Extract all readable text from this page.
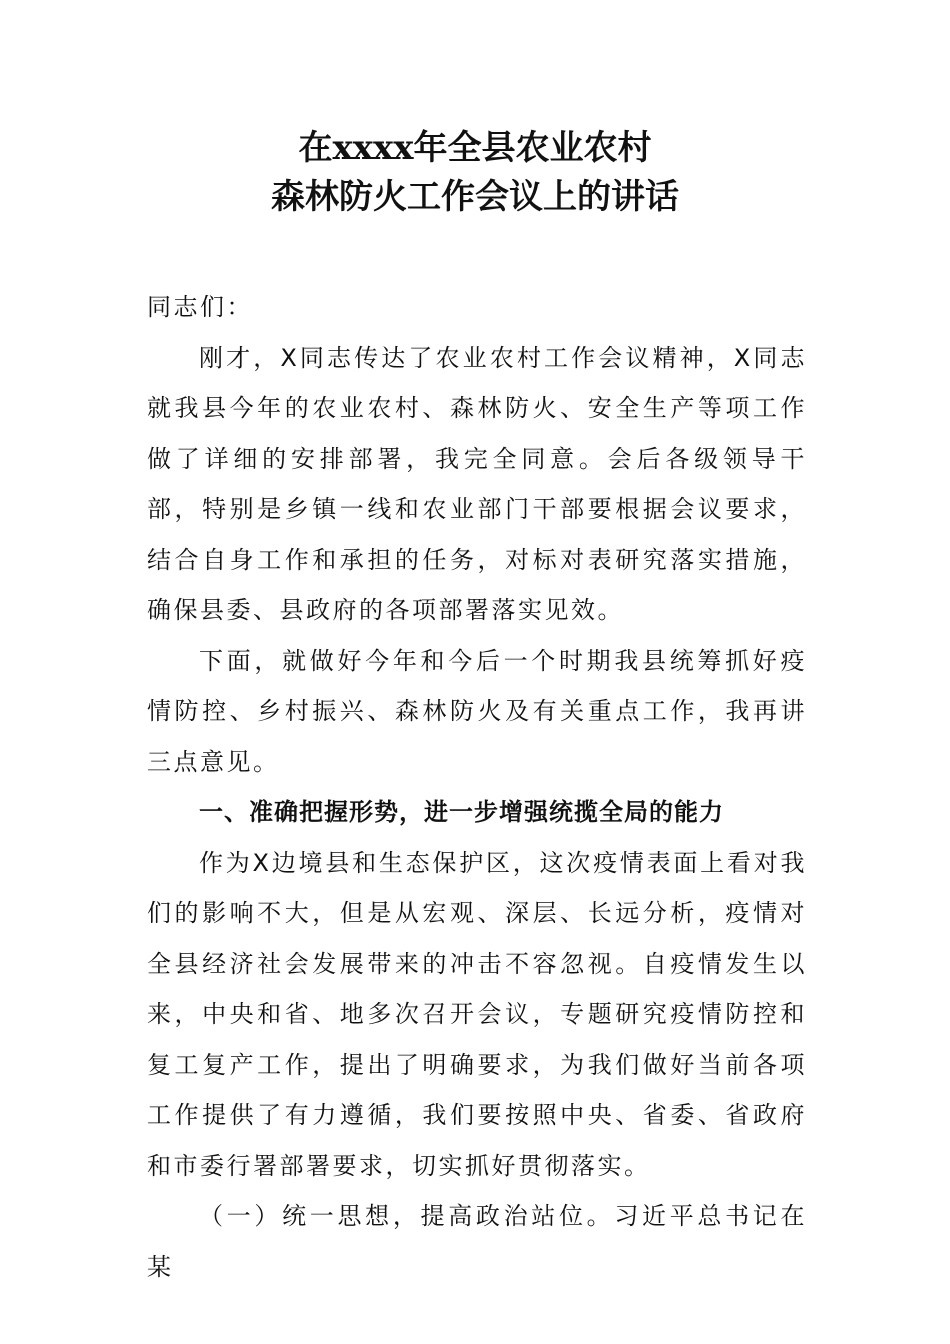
在xxxx年全县农业农村
森林防火工作会议上的讲话

同志们：

刚才，X同志传达了农业农村工作会议精神，X同志就我县今年的农业农村、森林防火、安全生产等项工作做了详细的安排部署，我完全同意。会后各级领导干部，特别是乡镇一线和农业部门干部要根据会议要求，结合自身工作和承担的任务，对标对表研究落实措施，确保县委、县政府的各项部署落实见效。

下面，就做好今年和今后一个时期我县统筹抓好疫情防控、乡村振兴、森林防火及有关重点工作，我再讲三点意见。

一、准确把握形势，进一步增强统揽全局的能力

作为X边境县和生态保护区，这次疫情表面上看对我们的影响不大，但是从宏观、深层、长远分析，疫情对全县经济社会发展带来的冲击不容忽视。自疫情发生以来，中央和省、地多次召开会议，专题研究疫情防控和复工复产工作，提出了明确要求，为我们做好当前各项工作提供了有力遵循，我们要按照中央、省委、省政府和市委行署部署要求，切实抓好贯彻落实。

（一）统一思想，提高政治站位。习近平总书记在某
